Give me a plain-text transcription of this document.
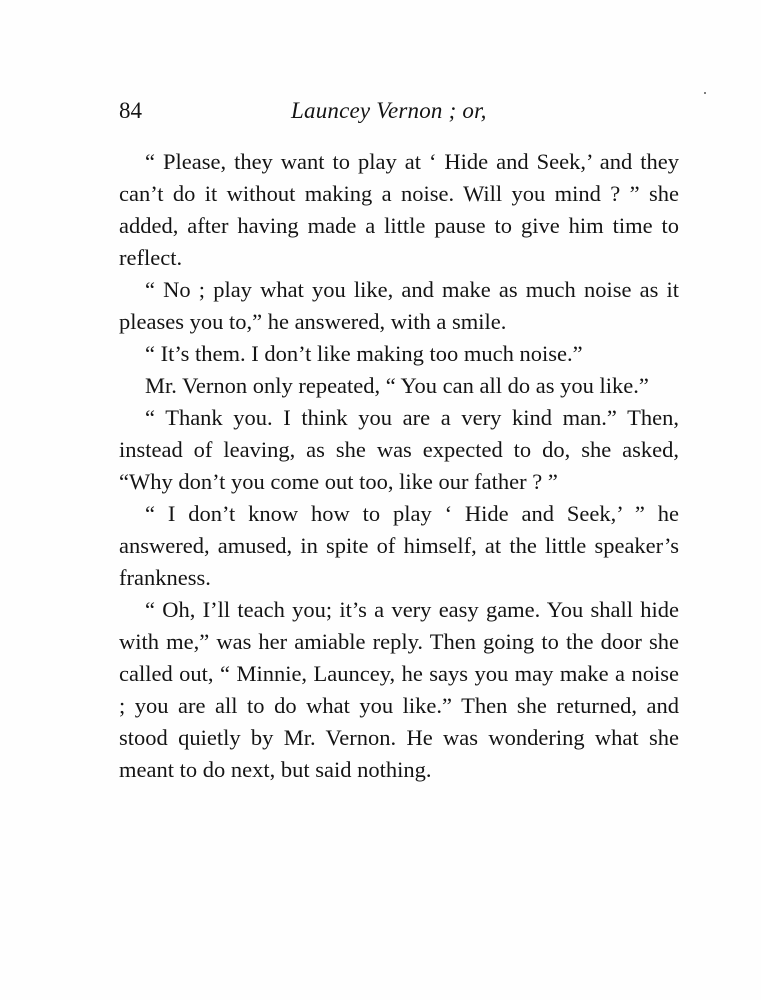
84	Launcey Vernon ; or,

“ Please, they want to play at ‘ Hide and Seek,’ and they can’t do it without making a noise. Will you mind ? ” she added, after having made a little pause to give him time to reflect.

“ No ; play what you like, and make as much noise as it pleases you to,” he answered, with a smile.

“ It’s them. I don’t like making too much noise.”

Mr. Vernon only repeated, “ You can all do as you like.”

“ Thank you. I think you are a very kind man.” Then, instead of leaving, as she was expected to do, she asked, “Why don’t you come out too, like our father ? ”

“ I don’t know how to play ‘ Hide and Seek,’ ” he answered, amused, in spite of himself, at the little speaker’s frankness.

“ Oh, I’ll teach you; it’s a very easy game. You shall hide with me,” was her amiable reply. Then going to the door she called out, “ Minnie, Launcey, he says you may make a noise ; you are all to do what you like.” Then she returned, and stood quietly by Mr. Vernon. He was wondering what she meant to do next, but said nothing.
